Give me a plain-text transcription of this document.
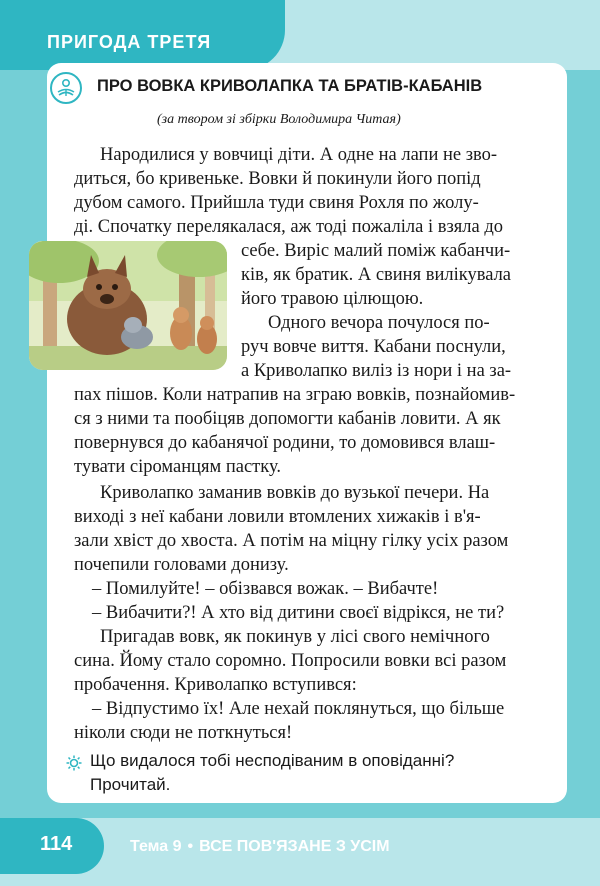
ПРИГОДА ТРЕТЯ
ПРО ВОВКА КРИВОЛАПКА ТА БРАТІВ-КАБАНІВ
(за твором зі збірки Володимира Читая)
Народилися у вовчиці діти. А одне на лапи не зво-
диться, бо кривеньке. Вовки й покинули його попід
дубом самого. Прийшла туди свиня Рохля по жолу-
ді. Спочатку перелякалася, аж тоді пожаліла і взяла до
себе. Виріс малий поміж кабанчи-
ків, як братик. А свиня вилікувала
його травою цілющою.
Одного вечора почулося по-
руч вовче виття. Кабани поснули,
а Криволапко виліз із нори і на за-
пах пішов. Коли натрапив на зграю вовків, познайомив-
ся з ними та пообіцяв допомогти кабанів ловити. А як
повернувся до кабанячої родини, то домовився влаш-
тувати сіроманцям пастку.
Криволапко заманив вовків до вузької печери. На
виході з неї кабани ловили втомлених хижаків і в'я-
зали хвіст до хвоста. А потім на міцну гілку усіх разом
почепили головами донизу.
– Помилуйте! – обізвався вожак. – Вибачте!
– Вибачити?! А хто від дитини своєї відрікся, не ти?
Пригадав вовк, як покинув у лісі свого немічного
сина. Йому стало соромно. Попросили вовки всі разом
пробачення. Криволапко вступився:
– Відпустимо їх! Але нехай поклянуться, що більше
ніколи сюди не поткнуться!
Що видалося тобі несподіваним в оповіданні?
Прочитай.
114	Тема 9 • ВСЕ ПОВ'ЯЗАНЕ З УСІМ
